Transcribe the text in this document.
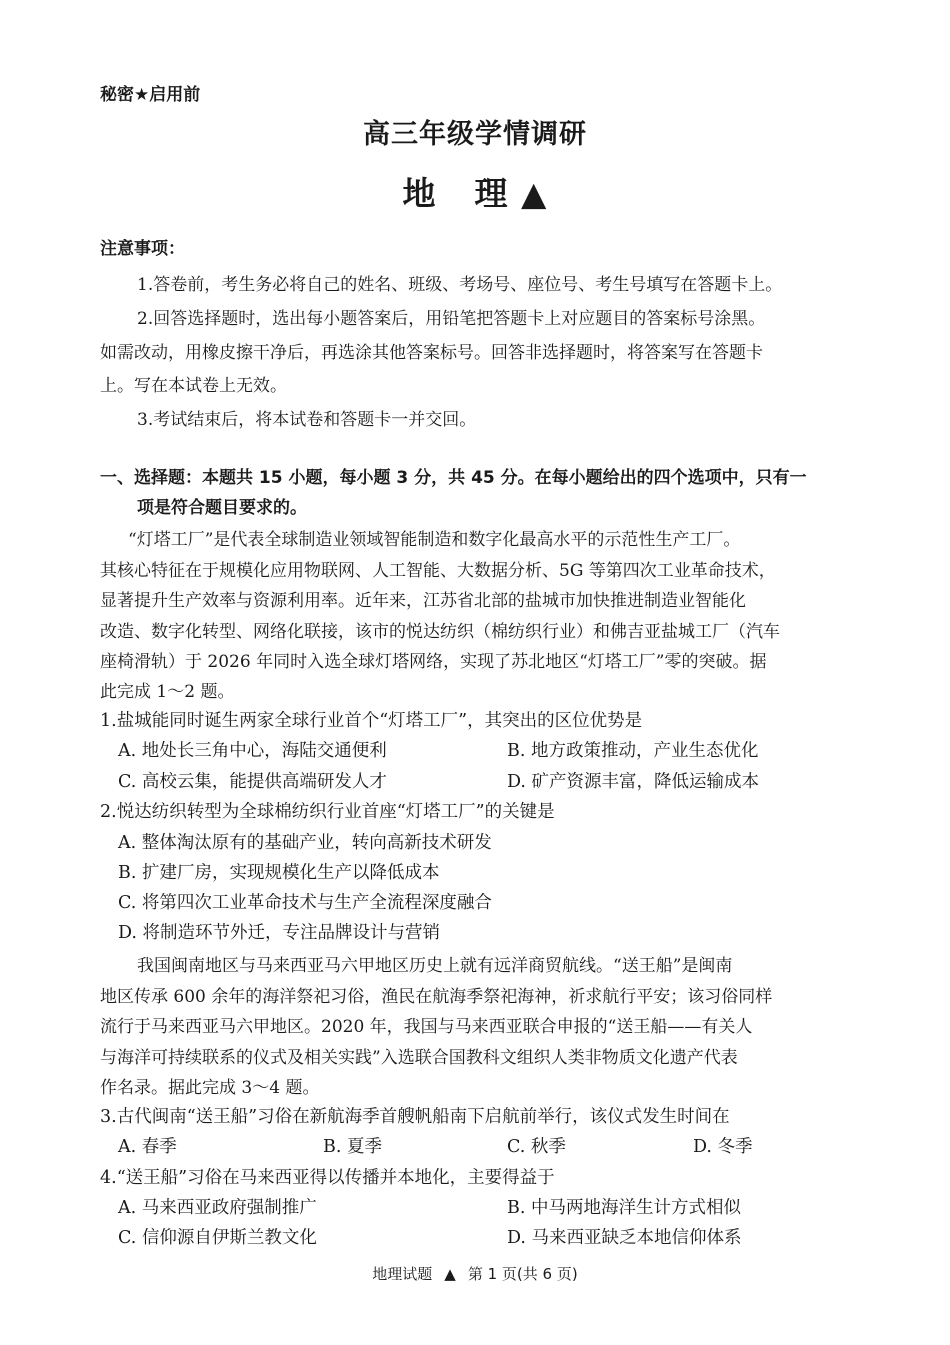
秘密★启用前
高三年级学情调研
地 理 ▲
注意事项：
1.答卷前，考生务必将自己的姓名、班级、考场号、座位号、考生号填写在答题卡上。
2.回答选择题时，选出每小题答案后，用铅笔把答题卡上对应题目的答案标号涂黑。
如需改动，用橡皮擦干净后，再选涂其他答案标号。回答非选择题时，将答案写在答题卡
上。写在本试卷上无效。
3.考试结束后，将本试卷和答题卡一并交回。
一、选择题：本题共 15 小题，每小题 3 分，共 45 分。在每小题给出的四个选项中，只有一
项是符合题目要求的。
“灯塔工厂”是代表全球制造业领域智能制造和数字化最高水平的示范性生产工厂。
其核心特征在于规模化应用物联网、人工智能、大数据分析、5G 等第四次工业革命技术，
显著提升生产效率与资源利用率。近年来，江苏省北部的盐城市加快推进制造业智能化
改造、数字化转型、网络化联接，该市的悦达纺织（棉纺织行业）和佛吉亚盐城工厂（汽车
座椅滑轨）于 2026 年同时入选全球灯塔网络，实现了苏北地区“灯塔工厂”零的突破。据
此完成 1～2 题。
1.盐城能同时诞生两家全球行业首个“灯塔工厂”，其突出的区位优势是
A. 地处长三角中心，海陆交通便利	B. 地方政策推动，产业生态优化
C. 高校云集，能提供高端研发人才	D. 矿产资源丰富，降低运输成本
2.悦达纺织转型为全球棉纺织行业首座“灯塔工厂”的关键是
A. 整体淘汰原有的基础产业，转向高新技术研发
B. 扩建厂房，实现规模化生产以降低成本
C. 将第四次工业革命技术与生产全流程深度融合
D. 将制造环节外迁，专注品牌设计与营销
我国闽南地区与马来西亚马六甲地区历史上就有远洋商贸航线。“送王船”是闽南
地区传承 600 余年的海洋祭祀习俗，渔民在航海季祭祀海神，祈求航行平安；该习俗同样
流行于马来西亚马六甲地区。2020 年，我国与马来西亚联合申报的“送王船——有关人
与海洋可持续联系的仪式及相关实践”入选联合国教科文组织人类非物质文化遗产代表
作名录。据此完成 3～4 题。
3.古代闽南“送王船”习俗在新航海季首艘帆船南下启航前举行，该仪式发生时间在
A. 春季	B. 夏季	C. 秋季	D. 冬季
4.“送王船”习俗在马来西亚得以传播并本地化，主要得益于
A. 马来西亚政府强制推广	B. 中马两地海洋生计方式相似
C. 信仰源自伊斯兰教文化	D. 马来西亚缺乏本地信仰体系
地理试题 ▲ 第 1 页(共 6 页)
